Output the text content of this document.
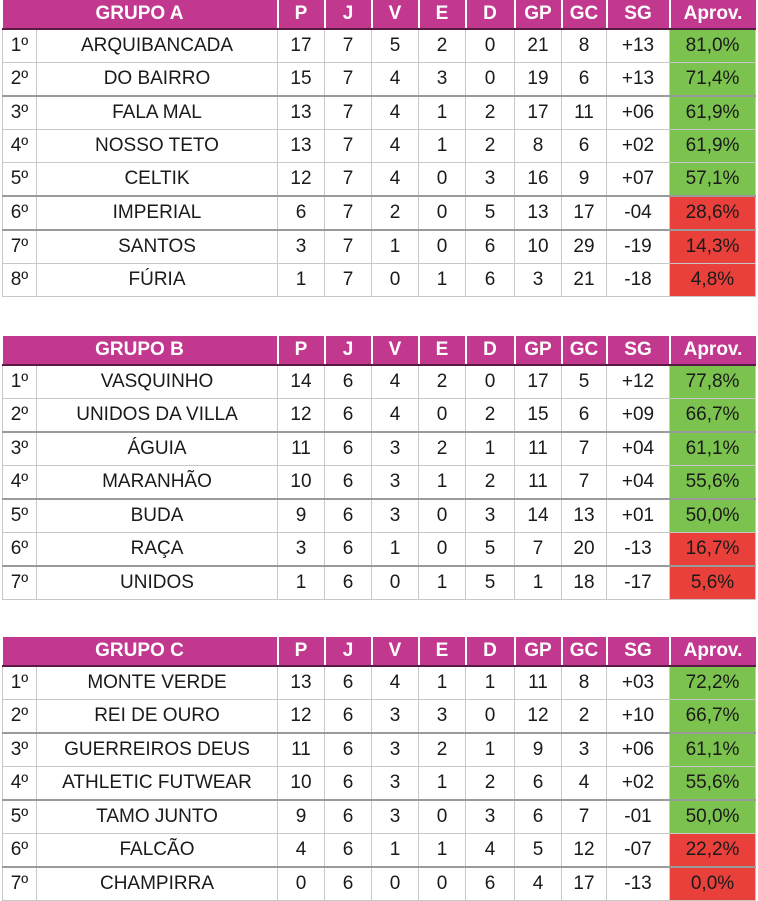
GRUPO A		P	J	V	E	D	GP	GC	SG	Aprov.
1º	ARQUIBANCADA	17	7	5	2	0	21	8	+13	81,0%
2º	DO BAIRRO	15	7	4	3	0	19	6	+13	71,4%
3º	FALA MAL	13	7	4	1	2	17	11	+06	61,9%
4º	NOSSO TETO	13	7	4	1	2	8	6	+02	61,9%
5º	CELTIK	12	7	4	0	3	16	9	+07	57,1%
6º	IMPERIAL	6	7	2	0	5	13	17	-04	28,6%
7º	SANTOS	3	7	1	0	6	10	29	-19	14,3%
8º	FÚRIA	1	7	0	1	6	3	21	-18	4,8%
GRUPO B		P	J	V	E	D	GP	GC	SG	Aprov.
1º	VASQUINHO	14	6	4	2	0	17	5	+12	77,8%
2º	UNIDOS DA VILLA	12	6	4	0	2	15	6	+09	66,7%
3º	ÁGUIA	11	6	3	2	1	11	7	+04	61,1%
4º	MARANHÃO	10	6	3	1	2	11	7	+04	55,6%
5º	BUDA	9	6	3	0	3	14	13	+01	50,0%
6º	RAÇA	3	6	1	0	5	7	20	-13	16,7%
7º	UNIDOS	1	6	0	1	5	1	18	-17	5,6%
GRUPO C		P	J	V	E	D	GP	GC	SG	Aprov.
1º	MONTE VERDE	13	6	4	1	1	11	8	+03	72,2%
2º	REI DE OURO	12	6	3	3	0	12	2	+10	66,7%
3º	GUERREIROS DEUS	11	6	3	2	1	9	3	+06	61,1%
4º	ATHLETIC FUTWEAR	10	6	3	1	2	6	4	+02	55,6%
5º	TAMO JUNTO	9	6	3	0	3	6	7	-01	50,0%
6º	FALCÃO	4	6	1	1	4	5	12	-07	22,2%
7º	CHAMPIRRA	0	6	0	0	6	4	17	-13	0,0%
